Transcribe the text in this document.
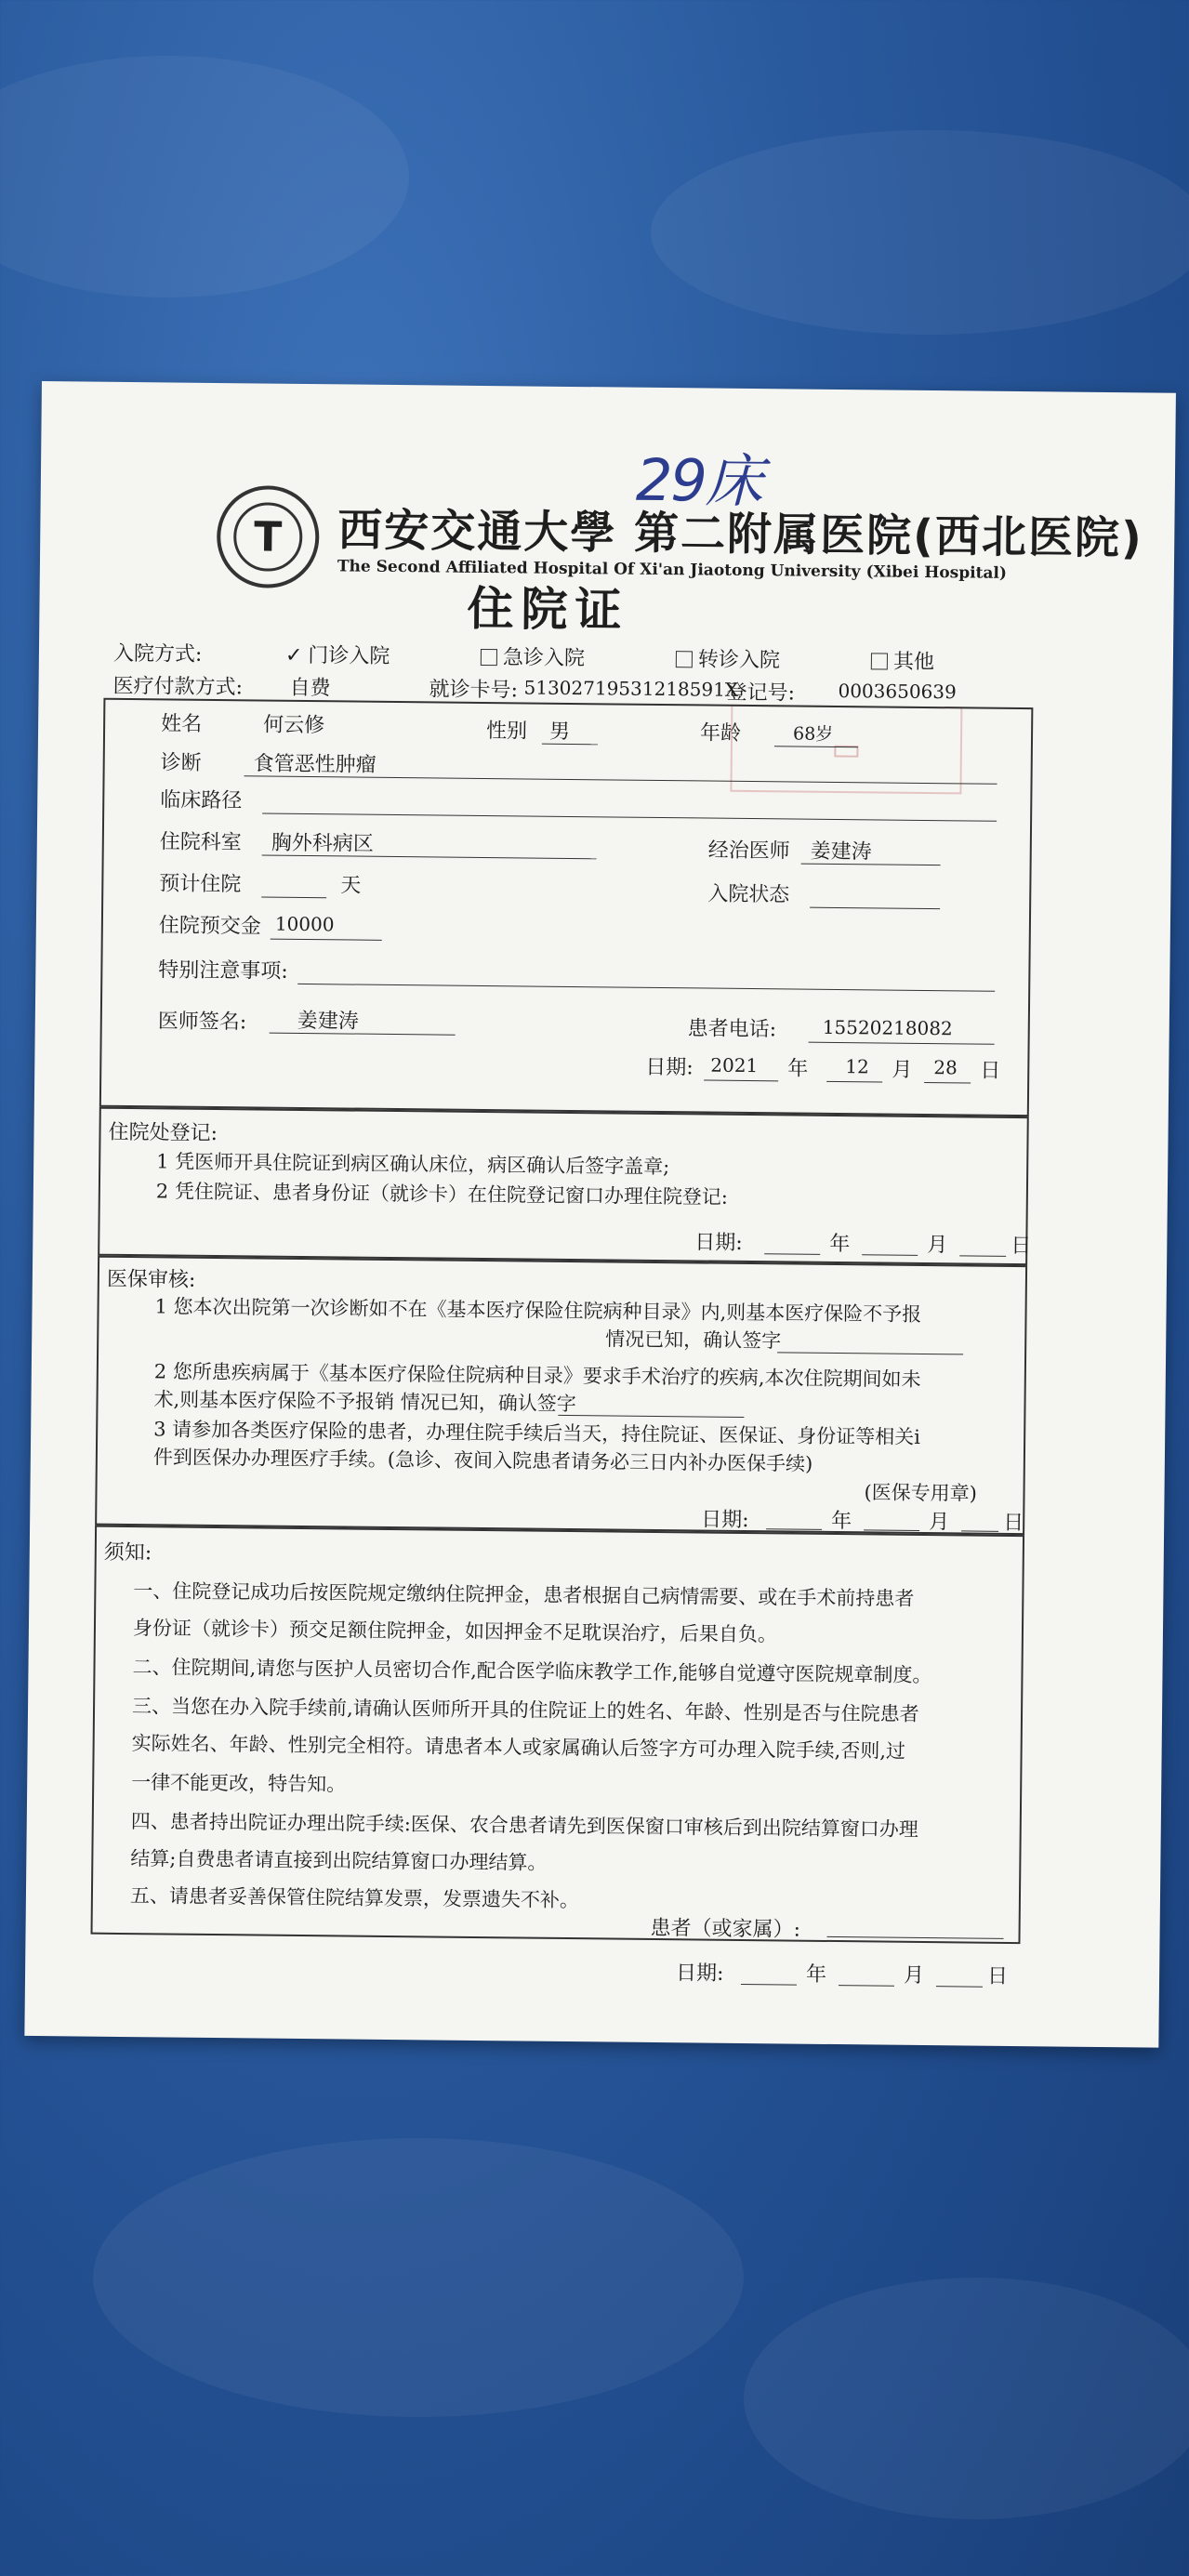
29床
T 西安交通大學 第二附属医院(西北医院)
The Second Affiliated Hospital Of Xi'an Jiaotong University (Xibei Hospital)
住院证
入院方式:	✓ 门诊入院	急诊入院	转诊入院	其他
医疗付款方式: 自费	就诊卡号: 51302719531218591X
登记号: 0003650639
▭
姓名	何云修	性别 男	年龄	68岁
诊断	食管恶性肿瘤
临床路径
住院科室 胸外科病区	经治医师 姜建涛
预计住院	天	入院状态
住院预交金 10000
特别注意事项:
医师签名: 姜建涛	患者电话: 15520218082
日期: 2021 年 12 月 28 日
住院处登记:
1 凭医师开具住院证到病区确认床位，病区确认后签字盖章;
2 凭住院证、患者身份证（就诊卡）在住院登记窗口办理住院登记:
日期:	年	月	日
医保审核:
1 您本次出院第一次诊断如不在《基本医疗保险住院病种目录》内,则基本医疗保险不予报
情况已知，确认签字
2 您所患疾病属于《基本医疗保险住院病种目录》要求手术治疗的疾病,本次住院期间如未
术,则基本医疗保险不予报销 情况已知，确认签字
3 请参加各类医疗保险的患者，办理住院手续后当天，持住院证、医保证、身份证等相关i
件到医保办办理医疗手续。(急诊、夜间入院患者请务必三日内补办医保手续)
(医保专用章)
日期:	年	月	日
须知:
一、住院登记成功后按医院规定缴纳住院押金，患者根据自己病情需要、或在手术前持患者
身份证（就诊卡）预交足额住院押金，如因押金不足耽误治疗，后果自负。
二、住院期间,请您与医护人员密切合作,配合医学临床教学工作,能够自觉遵守医院规章制度。
三、当您在办入院手续前,请确认医师所开具的住院证上的姓名、年龄、性别是否与住院患者
实际姓名、年龄、性别完全相符。请患者本人或家属确认后签字方可办理入院手续,否则,过
一律不能更改，特告知。
四、患者持出院证办理出院手续:医保、农合患者请先到医保窗口审核后到出院结算窗口办理
结算;自费患者请直接到出院结算窗口办理结算。
五、请患者妥善保管住院结算发票，发票遗失不补。
患者（或家属）:
日期:	年	月	日
